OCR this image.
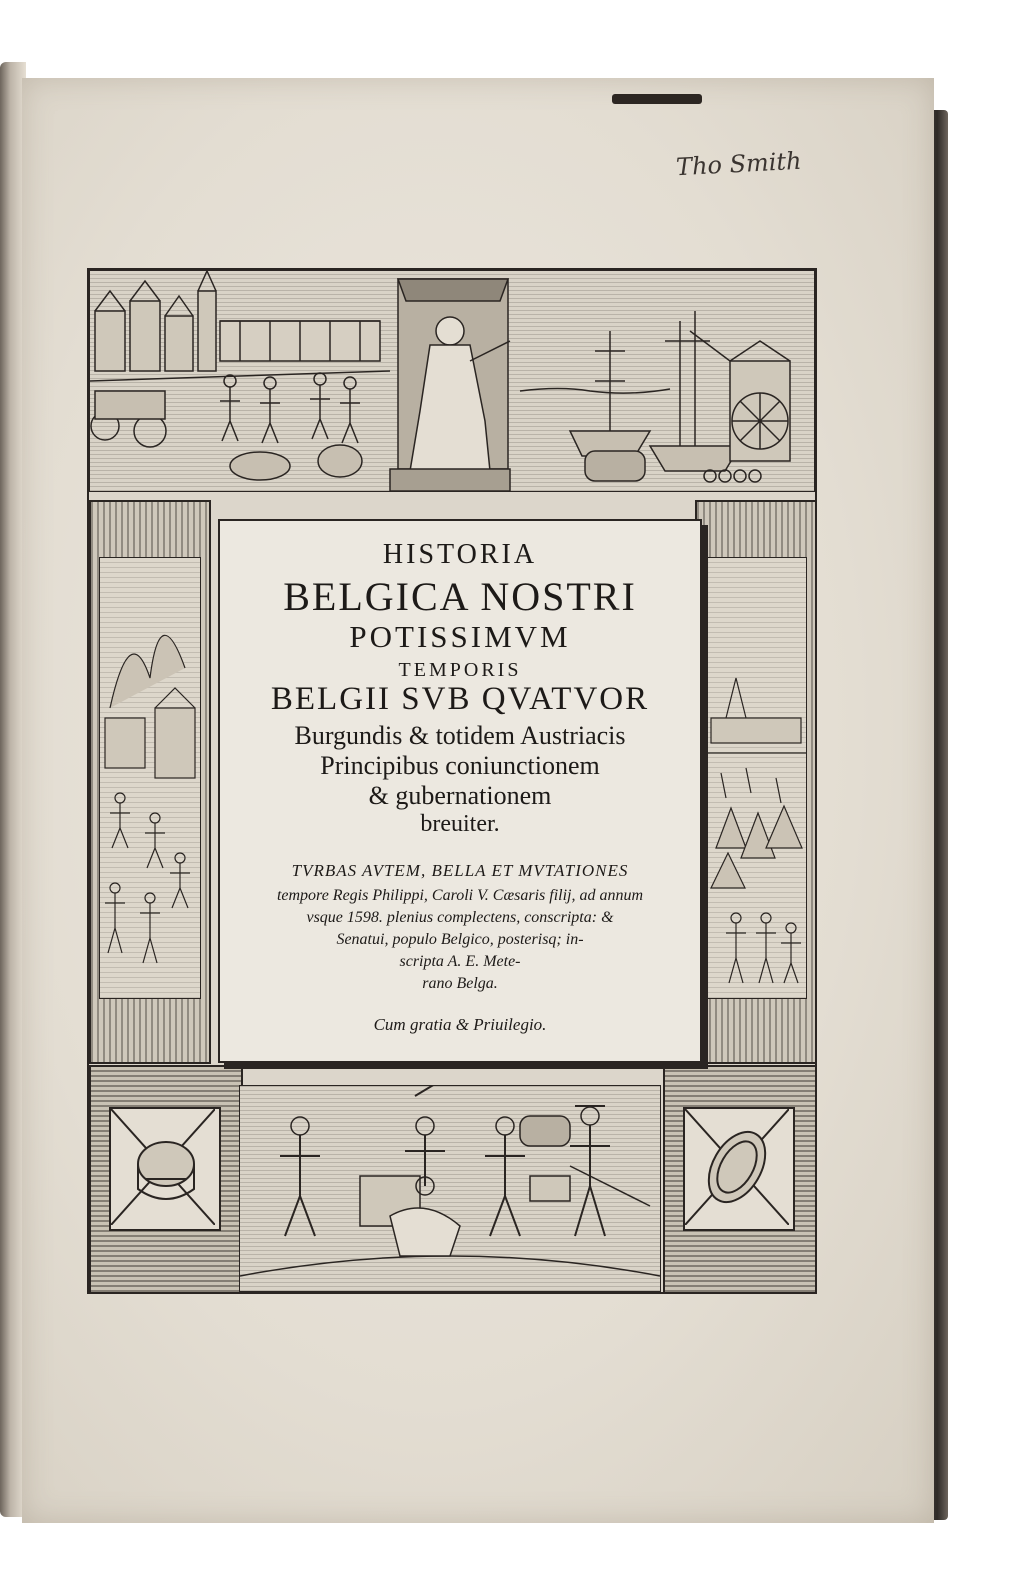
Tho Smith
HISTORIA
BELGICA NOSTRI
POTISSIMVM
TEMPORIS
BELGII SVB QVATVOR
Burgundis & totidem Austriacis
Principibus coniunctionem
& gubernationem
breuiter.
TVRBAS AVTEM, BELLA ET MVTATIONES
tempore Regis Philippi, Caroli V. Cæsaris filij, ad annum
vsque 1598. plenius complectens, conscripta: &
Senatui, populo Belgico, posterisq; in-
scripta A. E. Mete-
rano Belga.
Cum gratia & Priuilegio.
